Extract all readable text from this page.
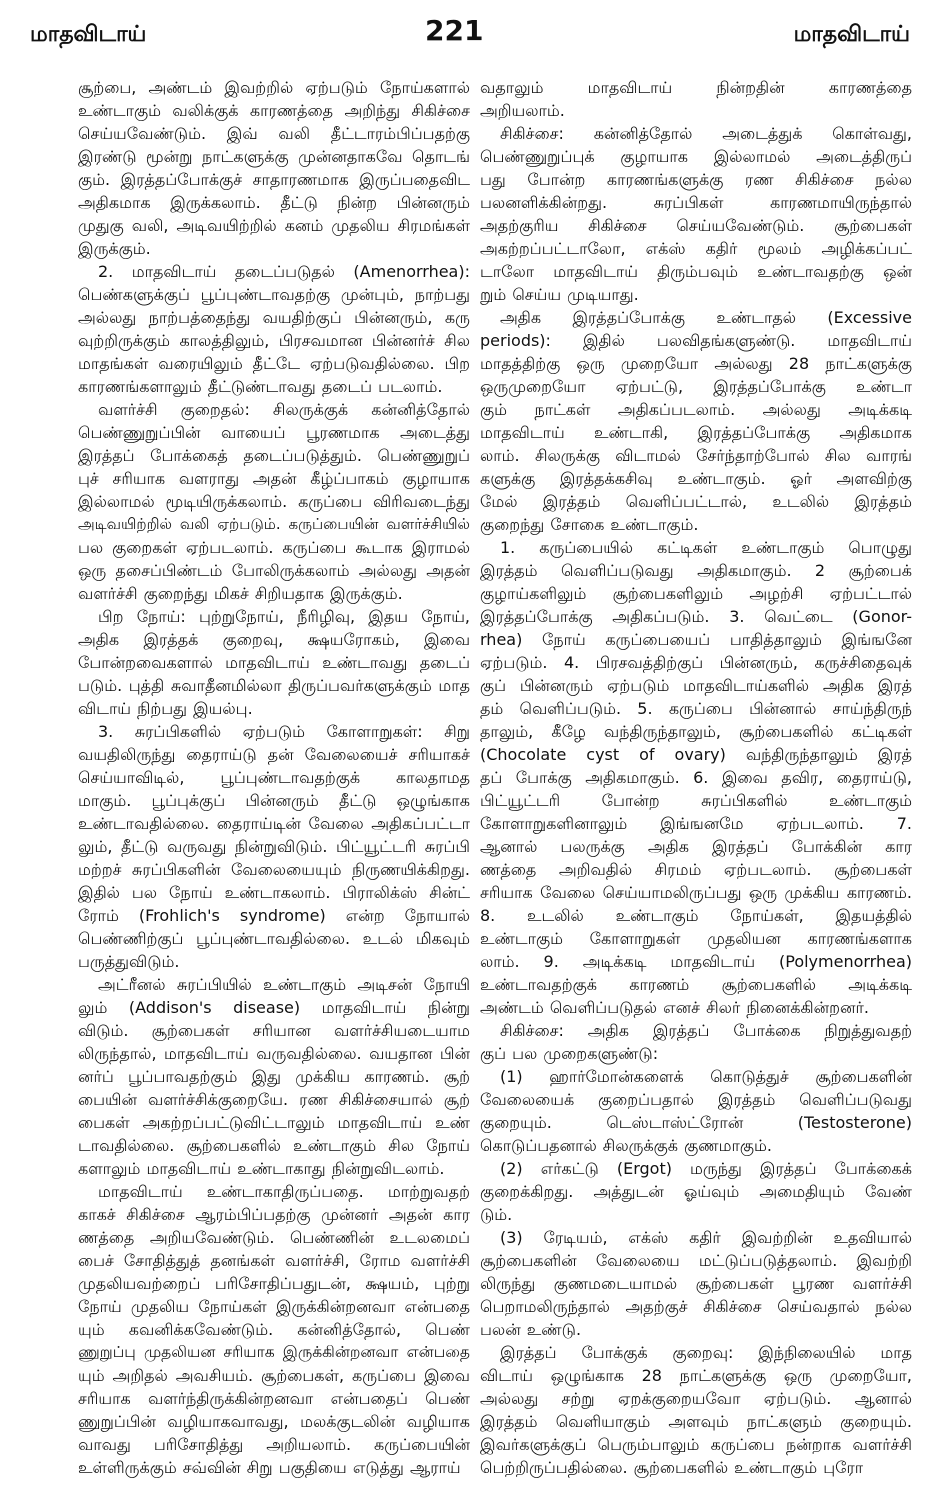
மாதவிடாய்	221	மாதவிடாய்
சூற்பை, அண்டம் இவற்றில் ஏற்படும் நோய்களால்
உண்டாகும் வலிக்குக் காரணத்தை அறிந்து சிகிச்சை
செய்யவேண்டும். இவ் வலி தீட்டாரம்பிப்பதற்கு
இரண்டு மூன்று நாட்களுக்கு முன்னதாகவே தொடங்
கும். இரத்தப்போக்குச் சாதாரணமாக இருப்பதைவிட
அதிகமாக இருக்கலாம். தீட்டு நின்ற பின்னரும்
முதுகு வலி, அடிவயிற்றில் கனம் முதலிய சிரமங்கள்
இருக்கும்.
2. மாதவிடாய் தடைப்படுதல் (Amenorrhea):
பெண்களுக்குப் பூப்புண்டாவதற்கு முன்பும், நாற்பது
அல்லது நாற்பத்தைந்து வயதிற்குப் பின்னரும், கரு
வுற்றிருக்கும் காலத்திலும், பிரசவமான பின்னர்ச் சில
மாதங்கள் வரையிலும் தீட்டே ஏற்படுவதில்லை. பிற
காரணங்களாலும் தீட்டுண்டாவது தடைப் படலாம்.
வளர்ச்சி குறைதல்: சிலருக்குக் கன்னித்தோல்
பெண்ணுறுப்பின் வாயைப் பூரணமாக அடைத்து
இரத்தப் போக்கைத் தடைப்படுத்தும். பெண்ணுறுப்
புச் சரியாக வளராது அதன் கீழ்ப்பாகம் குழாயாக
இல்லாமல் மூடியிருக்கலாம். கருப்பை விரிவடைந்து
அடிவயிற்றில் வலி ஏற்படும். கருப்பையின் வளர்ச்சியில்
பல குறைகள் ஏற்படலாம். கருப்பை கூடாக இராமல்
ஒரு தசைப்பிண்டம் போலிருக்கலாம் அல்லது அதன்
வளர்ச்சி குறைந்து மிகச் சிறியதாக இருக்கும்.
பிற நோய்: புற்றுநோய், நீரிழிவு, இதய நோய்,
அதிக இரத்தக் குறைவு, க்ஷயரோகம், இவை
போன்றவைகளால் மாதவிடாய் உண்டாவது தடைப்
படும். புத்தி சுவாதீனமில்லா திருப்பவர்களுக்கும் மாத
விடாய் நிற்பது இயல்பு.
3. சுரப்பிகளில் ஏற்படும் கோளாறுகள்: சிறு
வயதிலிருந்து தைராய்டு தன் வேலையைச் சரியாகச்
செய்யாவிடில், பூப்புண்டாவதற்குக் காலதாமத
மாகும். பூப்புக்குப் பின்னரும் தீட்டு ஒழுங்காக
உண்டாவதில்லை. தைராய்டின் வேலை அதிகப்பட்டா
லும், தீட்டு வருவது நின்றுவிடும். பிட்யூட்டரி சுரப்பி
மற்றச் சுரப்பிகளின் வேலையையும் நிருணயிக்கிறது.
இதில் பல நோய் உண்டாகலாம். பிராலிக்ஸ் சின்ட்
ரோம் (Frohlich's syndrome) என்ற நோயால்
பெண்ணிற்குப் பூப்புண்டாவதில்லை. உடல் மிகவும்
பருத்துவிடும்.
அட்ரீனல் சுரப்பியில் உண்டாகும் அடிசன் நோயி
லும் (Addison's disease) மாதவிடாய் நின்று
விடும். சூற்பைகள் சரியான வளர்ச்சியடையாம
லிருந்தால், மாதவிடாய் வருவதில்லை. வயதான பின்
னர்ப் பூப்பாவதற்கும் இது முக்கிய காரணம். சூற்
பையின் வளர்ச்சிக்குறையே. ரண சிகிச்சையால் சூற்
பைகள் அகற்றப்பட்டுவிட்டாலும் மாதவிடாய் உண்
டாவதில்லை. சூற்பைகளில் உண்டாகும் சில நோய்
களாலும் மாதவிடாய் உண்டாகாது நின்றுவிடலாம்.
மாதவிடாய் உண்டாகாதிருப்பதை. மாற்றுவதற்
காகச் சிகிச்சை ஆரம்பிப்பதற்கு முன்னர் அதன் கார
ணத்தை அறியவேண்டும். பெண்ணின் உடலமைப்
பைச் சோதித்துத் தனங்கள் வளர்ச்சி, ரோம வளர்ச்சி
முதலியவற்றைப் பரிசோதிப்பதுடன், க்ஷயம், புற்று
நோய் முதலிய நோய்கள் இருக்கின்றனவா என்பதை
யும் கவனிக்கவேண்டும். கன்னித்தோல், பெண்
ணுறுப்பு முதலியன சரியாக இருக்கின்றனவா என்பதை
யும் அறிதல் அவசியம். சூற்பைகள், கருப்பை இவை
சரியாக வளர்ந்திருக்கின்றனவா என்பதைப் பெண்
ணுறுப்பின் வழியாகவாவது, மலக்குடலின் வழியாக
வாவது பரிசோதித்து அறியலாம். கருப்பையின்
உள்ளிருக்கும் சவ்வின் சிறு பகுதியை எடுத்து ஆராய்
வதாலும் மாதவிடாய் நின்றதின் காரணத்தை
அறியலாம்.
சிகிச்சை: கன்னித்தோல் அடைத்துக் கொள்வது,
பெண்ணுறுப்புக் குழாயாக இல்லாமல் அடைத்திருப்
பது போன்ற காரணங்களுக்கு ரண சிகிச்சை நல்ல
பலனளிக்கின்றது. சுரப்பிகள் காரணமாயிருந்தால்
அதற்குரிய சிகிச்சை செய்யவேண்டும். சூற்பைகள்
அகற்றப்பட்டாலோ, எக்ஸ் கதிர் மூலம் அழிக்கப்பட்
டாலோ மாதவிடாய் திரும்பவும் உண்டாவதற்கு ஒன்
றும் செய்ய முடியாது.
அதிக இரத்தப்போக்கு உண்டாதல் (Excessive
periods): இதில் பலவிதங்களுண்டு. மாதவிடாய்
மாதத்திற்கு ஒரு முறையோ அல்லது 28 நாட்களுக்கு
ஒருமுறையோ ஏற்பட்டு, இரத்தப்போக்கு உண்டா
கும் நாட்கள் அதிகப்படலாம். அல்லது அடிக்கடி
மாதவிடாய் உண்டாகி, இரத்தப்போக்கு அதிகமாக
லாம். சிலருக்கு விடாமல் சேர்ந்தாற்போல் சில வாரங்
களுக்கு இரத்தக்கசிவு உண்டாகும். ஓர் அளவிற்கு
மேல் இரத்தம் வெளிப்பட்டால், உடலில் இரத்தம்
குறைந்து சோகை உண்டாகும்.
1. கருப்பையில் கட்டிகள் உண்டாகும் பொழுது
இரத்தம் வெளிப்படுவது அதிகமாகும். 2 சூற்பைக்
குழாய்களிலும் சூற்பைகளிலும் அழற்சி ஏற்பட்டால்
இரத்தப்போக்கு அதிகப்படும். 3. வெட்டை (Gonor-
rhea) நோய் கருப்பையைப் பாதித்தாலும் இங்ஙனே
ஏற்படும். 4. பிரசவத்திற்குப் பின்னரும், கருச்சிதைவுக்
குப் பின்னரும் ஏற்படும் மாதவிடாய்களில் அதிக இரத்
தம் வெளிப்படும். 5. கருப்பை பின்னால் சாய்ந்திருந்
தாலும், கீழே வந்திருந்தாலும், சூற்பைகளில் கட்டிகள்
(Chocolate cyst of ovary) வந்திருந்தாலும் இரத்
தப் போக்கு அதிகமாகும். 6. இவை தவிர, தைராய்டு,
பிட்யூட்டரி போன்ற சுரப்பிகளில் உண்டாகும்
கோளாறுகளினாலும் இங்ஙனமே ஏற்படலாம். 7.
ஆனால் பலருக்கு அதிக இரத்தப் போக்கின் கார
ணத்தை அறிவதில் சிரமம் ஏற்படலாம். சூற்பைகள்
சரியாக வேலை செய்யாமலிருப்பது ஒரு முக்கிய காரணம்.
8. உடலில் உண்டாகும் நோய்கள், இதயத்தில்
உண்டாகும் கோளாறுகள் முதலியன காரணங்களாக
லாம். 9. அடிக்கடி மாதவிடாய் (Polymenorrhea)
உண்டாவதற்குக் காரணம் சூற்பைகளில் அடிக்கடி
அண்டம் வெளிப்படுதல் எனச் சிலர் நினைக்கின்றனர்.
சிகிச்சை: அதிக இரத்தப் போக்கை நிறுத்துவதற்
குப் பல முறைகளுண்டு:
(1) ஹார்மோன்களைக் கொடுத்துச் சூற்பைகளின்
வேலையைக் குறைப்பதால் இரத்தம் வெளிப்படுவது
குறையும். டெஸ்டாஸ்ட்ரோன் (Testosterone)
கொடுப்பதனால் சிலருக்குக் குணமாகும்.
(2) எர்கட்டு (Ergot) மருந்து இரத்தப் போக்கைக்
குறைக்கிறது. அத்துடன் ஓய்வும் அமைதியும் வேண்
டும்.
(3) ரேடியம், எக்ஸ் கதிர் இவற்றின் உதவியால்
சூற்பைகளின் வேலையை மட்டுப்படுத்தலாம். இவற்றி
லிருந்து குணமடையாமல் சூற்பைகள் பூரண வளர்ச்சி
பெறாமலிருந்தால் அதற்குச் சிகிச்சை செய்வதால் நல்ல
பலன் உண்டு.
இரத்தப் போக்குக் குறைவு: இந்நிலையில் மாத
விடாய் ஒழுங்காக 28 நாட்களுக்கு ஒரு முறையோ,
அல்லது சற்று ஏறக்குறையவோ ஏற்படும். ஆனால்
இரத்தம் வெளியாகும் அளவும் நாட்களும் குறையும்.
இவர்களுக்குப் பெரும்பாலும் கருப்பை நன்றாக வளர்ச்சி
பெற்றிருப்பதில்லை. சூற்பைகளில் உண்டாகும் புரோ
